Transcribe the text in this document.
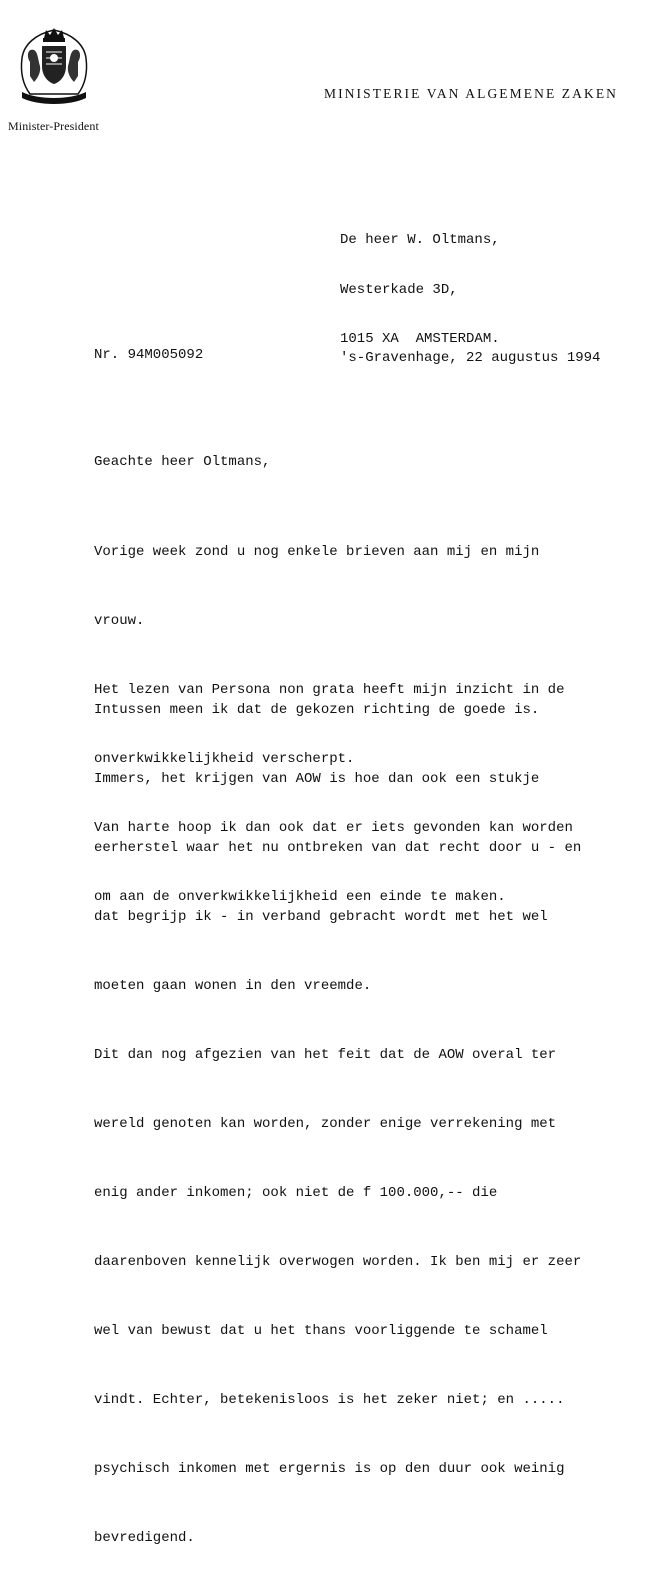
Minister-President
MINISTERIE VAN ALGEMENE ZAKEN

De heer W. Oltmans,

Westerkade 3D,

1015 XA  AMSTERDAM.

Nr. 94M005092	's-Gravenhage, 22 augustus 1994
Geachte heer Oltmans,

Vorige week zond u nog enkele brieven aan mij en mijn

vrouw.

Het lezen van Persona non grata heeft mijn inzicht in de

onverkwikkelijkheid verscherpt.

Van harte hoop ik dan ook dat er iets gevonden kan worden

om aan de onverkwikkelijkheid een einde te maken.

Intussen meen ik dat de gekozen richting de goede is.

Immers, het krijgen van AOW is hoe dan ook een stukje

eerherstel waar het nu ontbreken van dat recht door u - en

dat begrijp ik - in verband gebracht wordt met het wel

moeten gaan wonen in den vreemde.

Dit dan nog afgezien van het feit dat de AOW overal ter

wereld genoten kan worden, zonder enige verrekening met

enig ander inkomen; ook niet de f 100.000,-- die

daarenboven kennelijk overwogen worden. Ik ben mij er zeer

wel van bewust dat u het thans voorliggende te schamel

vindt. Echter, betekenisloos is het zeker niet; en .....

psychisch inkomen met ergernis is op den duur ook weinig

bevredigend.
